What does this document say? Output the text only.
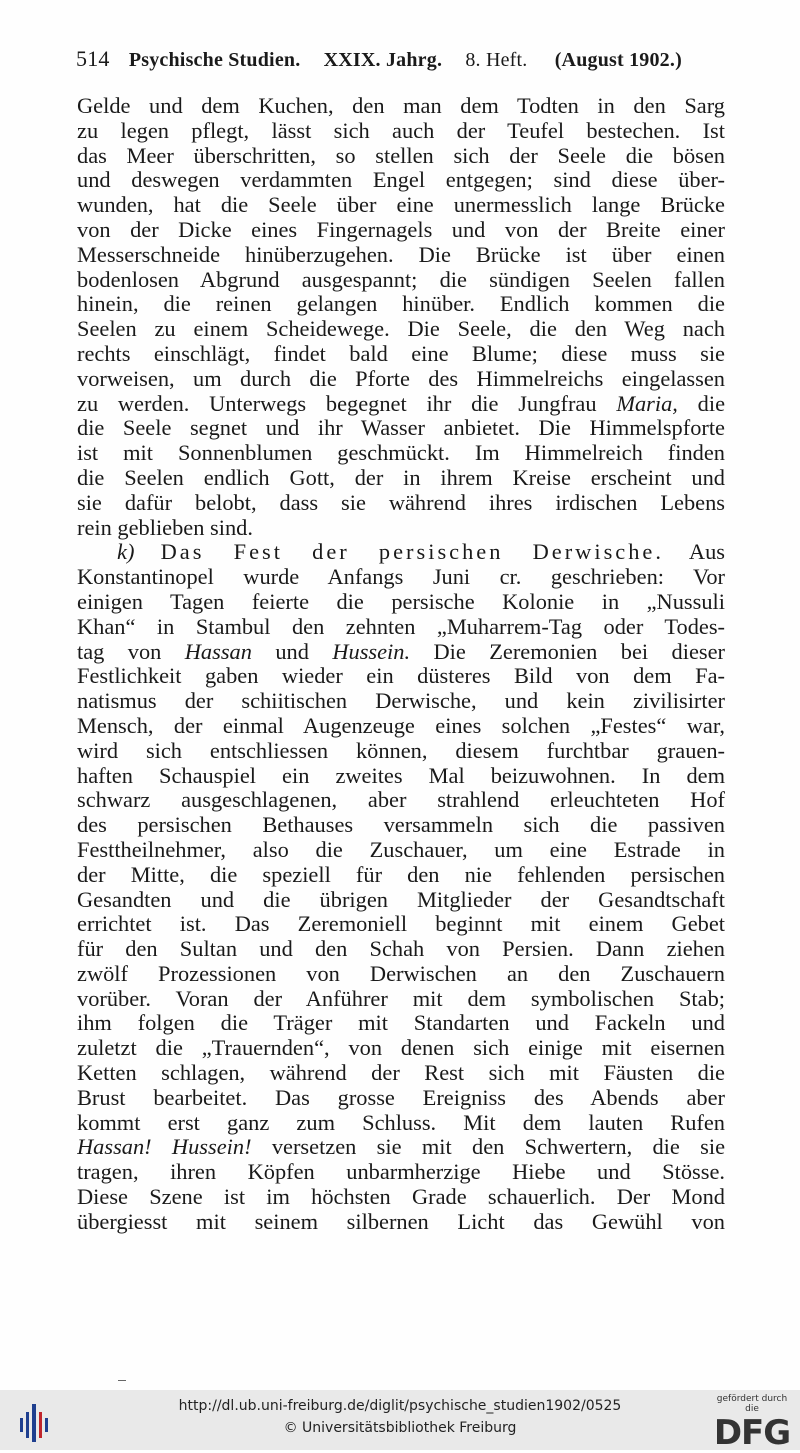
514 Psychische Studien. XXIX. Jahrg. 8. Heft. (August 1902.)
Gelde und dem Kuchen, den man dem Todten in den Sarg
zu legen pflegt, lässt sich auch der Teufel bestechen. Ist
das Meer überschritten, so stellen sich der Seele die bösen
und deswegen verdammten Engel entgegen; sind diese über-
wunden, hat die Seele über eine unermesslich lange Brücke
von der Dicke eines Fingernagels und von der Breite einer
Messerschneide hinüberzugehen. Die Brücke ist über einen
bodenlosen Abgrund ausgespannt; die sündigen Seelen fallen
hinein, die reinen gelangen hinüber. Endlich kommen die
Seelen zu einem Scheidewege. Die Seele, die den Weg nach
rechts einschlägt, findet bald eine Blume; diese muss sie
vorweisen, um durch die Pforte des Himmelreichs eingelassen
zu werden. Unterwegs begegnet ihr die Jungfrau Maria, die
die Seele segnet und ihr Wasser anbietet. Die Himmelspforte
ist mit Sonnenblumen geschmückt. Im Himmelreich finden
die Seelen endlich Gott, der in ihrem Kreise erscheint und
sie dafür belobt, dass sie während ihres irdischen Lebens
rein geblieben sind.
k) Das Fest der persischen Derwische. Aus
Konstantinopel wurde Anfangs Juni cr. geschrieben: Vor
einigen Tagen feierte die persische Kolonie in „Nussuli
Khan“ in Stambul den zehnten „Muharrem-Tag oder Todes-
tag von Hassan und Hussein. Die Zeremonien bei dieser
Festlichkeit gaben wieder ein düsteres Bild von dem Fa-
natismus der schiitischen Derwische, und kein zivilisirter
Mensch, der einmal Augenzeuge eines solchen „Festes“ war,
wird sich entschliessen können, diesem furchtbar grauen-
haften Schauspiel ein zweites Mal beizuwohnen. In dem
schwarz ausgeschlagenen, aber strahlend erleuchteten Hof
des persischen Bethauses versammeln sich die passiven
Festtheilnehmer, also die Zuschauer, um eine Estrade in
der Mitte, die speziell für den nie fehlenden persischen
Gesandten und die übrigen Mitglieder der Gesandtschaft
errichtet ist. Das Zeremoniell beginnt mit einem Gebet
für den Sultan und den Schah von Persien. Dann ziehen
zwölf Prozessionen von Derwischen an den Zuschauern
vorüber. Voran der Anführer mit dem symbolischen Stab;
ihm folgen die Träger mit Standarten und Fackeln und
zuletzt die „Trauernden“, von denen sich einige mit eisernen
Ketten schlagen, während der Rest sich mit Fäusten die
Brust bearbeitet. Das grosse Ereigniss des Abends aber
kommt erst ganz zum Schluss. Mit dem lauten Rufen
Hassan! Hussein! versetzen sie mit den Schwertern, die sie
tragen, ihren Köpfen unbarmherzige Hiebe und Stösse.
Diese Szene ist im höchsten Grade schauerlich. Der Mond
übergiesst mit seinem silbernen Licht das Gewühl von
http://dl.ub.uni-freiburg.de/diglit/psychische_studien1902/0525
© Universitätsbibliothek Freiburg
gefördert durch die
DFG
